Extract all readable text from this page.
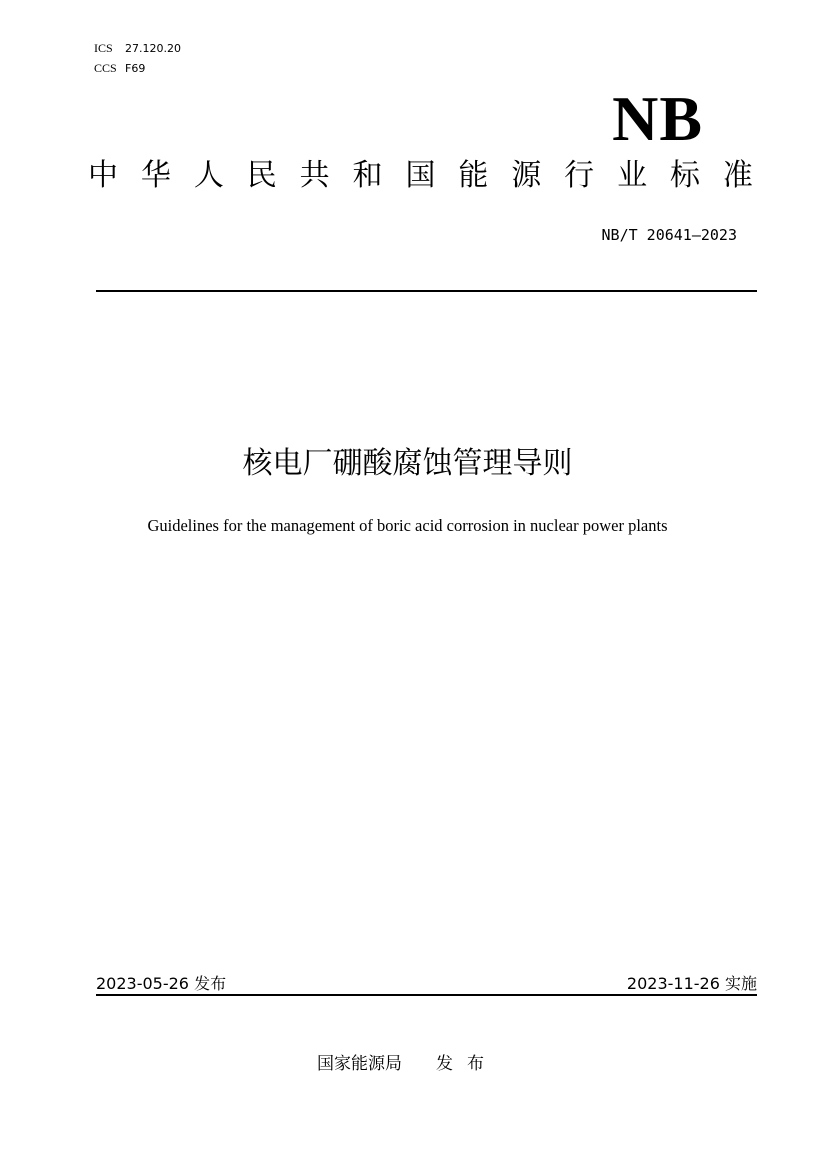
ICS 27.120.20
CCS F69
NB
中 华 人 民 共 和 国 能 源 行 业 标 准
NB/T 20641—2023
核电厂硼酸腐蚀管理导则
Guidelines for the management of boric acid corrosion in nuclear power plants
2023-05-26 发布	2023-11-26 实施
国家能源局 发布
